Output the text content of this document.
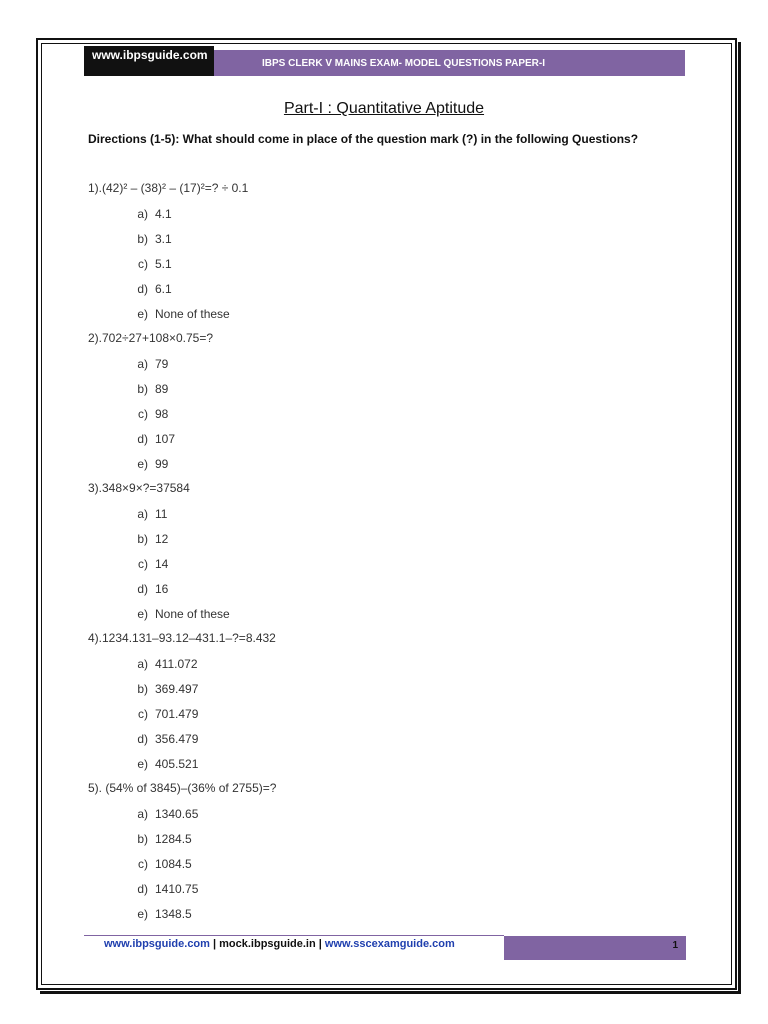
www.ibpsguide.com
IBPS CLERK V MAINS EXAM- MODEL QUESTIONS PAPER-I
Part-I : Quantitative Aptitude
Directions (1-5): What should come in place of the question mark (?) in the following Questions?
1).(42)² – (38)² – (17)²=? ÷ 0.1
a) 4.1
b) 3.1
c) 5.1
d) 6.1
e) None of these
2).702÷27+108×0.75=?
a) 79
b) 89
c) 98
d) 107
e) 99
3).348×9×?=37584
a) 11
b) 12
c) 14
d) 16
e) None of these
4).1234.131–93.12–431.1–?=8.432
a) 411.072
b) 369.497
c) 701.479
d) 356.479
e) 405.521
5). (54% of 3845)–(36% of 2755)=?
a) 1340.65
b) 1284.5
c) 1084.5
d) 1410.75
e) 1348.5
www.ibpsguide.com | mock.ibpsguide.in | www.sscexamguide.com	1
